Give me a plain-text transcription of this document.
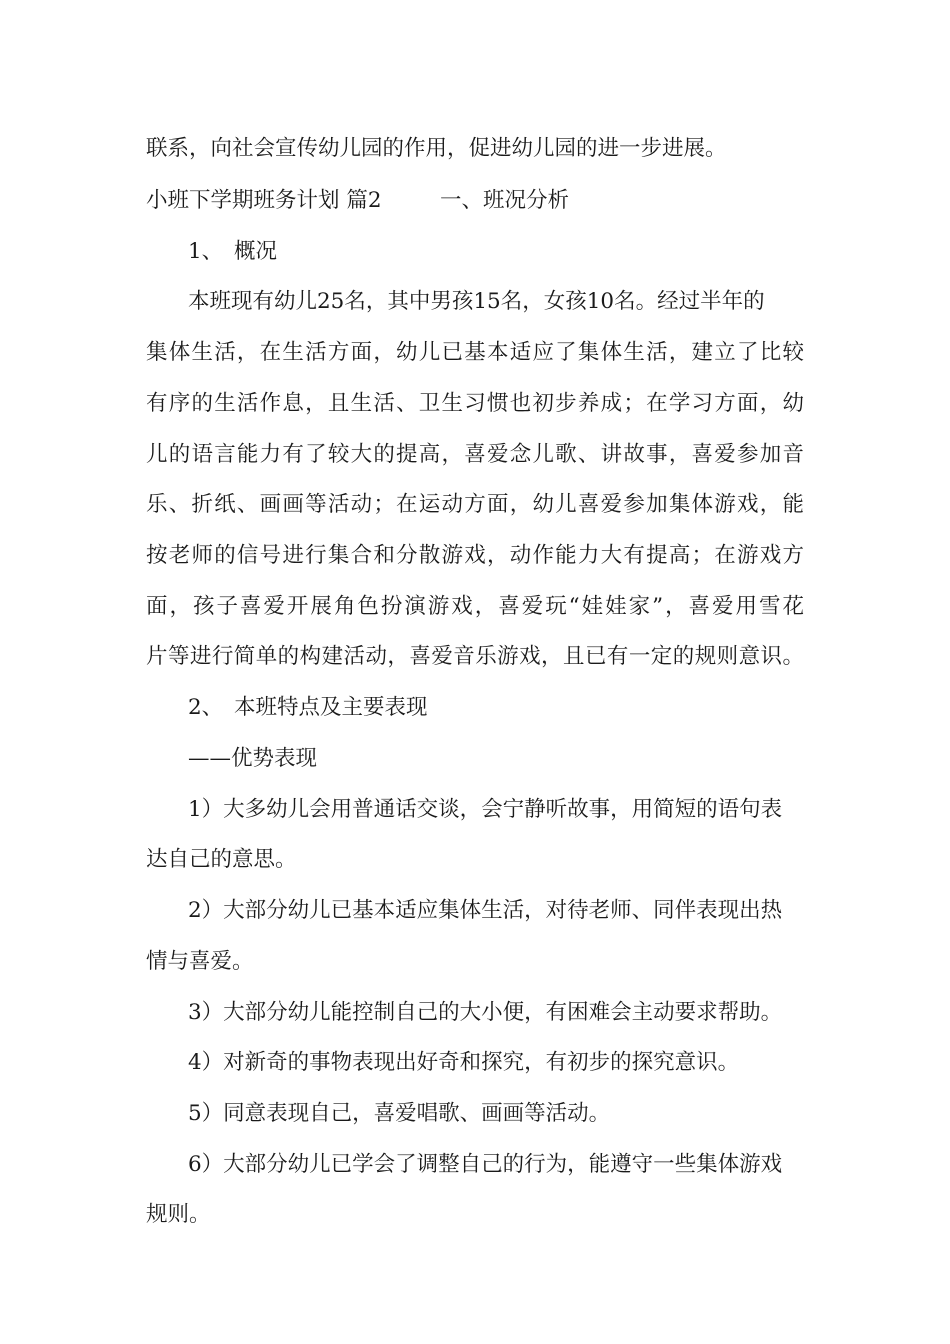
联系，向社会宣传幼儿园的作用，促进幼儿园的进一步进展。
小班下学期班务计划 篇2	一、班况分析
1、 概况
本班现有幼儿25名，其中男孩15名，女孩10名。经过半年的
集体生活，在生活方面，幼儿已基本适应了集体生活，建立了比较
有序的生活作息，且生活、卫生习惯也初步养成；在学习方面，幼
儿的语言能力有了较大的提高，喜爱念儿歌、讲故事，喜爱参加音
乐、折纸、画画等活动；在运动方面，幼儿喜爱参加集体游戏，能
按老师的信号进行集合和分散游戏，动作能力大有提高；在游戏方
面，孩子喜爱开展角色扮演游戏，喜爱玩“娃娃家”，喜爱用雪花
片等进行简单的构建活动，喜爱音乐游戏，且已有一定的规则意识。
2、 本班特点及主要表现
——优势表现
1）大多幼儿会用普通话交谈，会宁静听故事，用简短的语句表
达自己的意思。
2）大部分幼儿已基本适应集体生活，对待老师、同伴表现出热
情与喜爱。
3）大部分幼儿能控制自己的大小便，有困难会主动要求帮助。
4）对新奇的事物表现出好奇和探究，有初步的探究意识。
5）同意表现自己，喜爱唱歌、画画等活动。
6）大部分幼儿已学会了调整自己的行为，能遵守一些集体游戏
规则。
